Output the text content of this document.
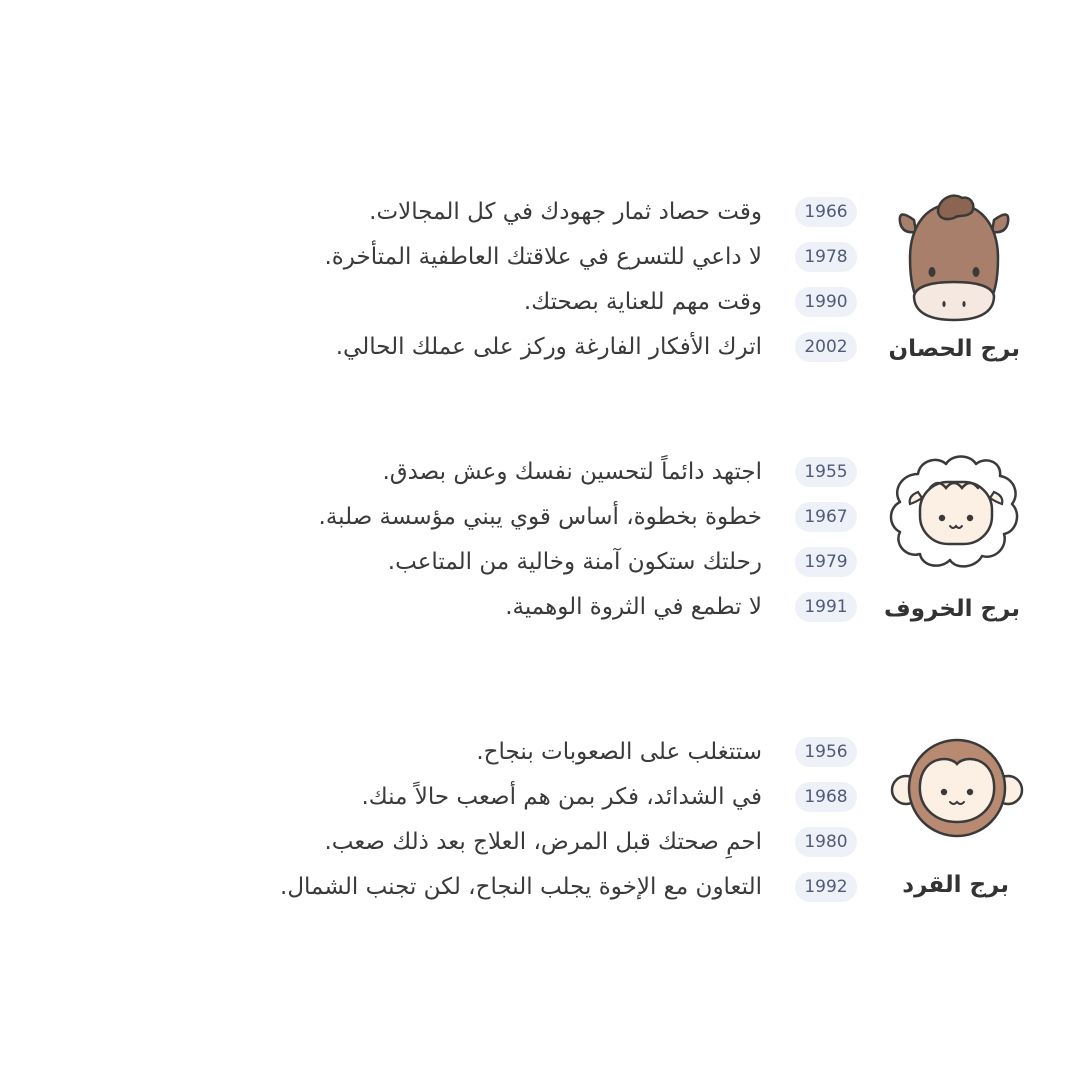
برج الحصان
1966
وقت حصاد ثمار جهودك في كل المجالات.
1978
لا داعي للتسرع في علاقتك العاطفية المتأخرة.
1990
وقت مهم للعناية بصحتك.
2002
اترك الأفكار الفارغة وركز على عملك الحالي.
برج الخروف
1955
اجتهد دائماً لتحسين نفسك وعش بصدق.
1967
خطوة بخطوة، أساس قوي يبني مؤسسة صلبة.
1979
رحلتك ستكون آمنة وخالية من المتاعب.
1991
لا تطمع في الثروة الوهمية.
برج القرد
1956
ستتغلب على الصعوبات بنجاح.
1968
في الشدائد، فكر بمن هم أصعب حالاً منك.
1980
احمِ صحتك قبل المرض، العلاج بعد ذلك صعب.
1992
التعاون مع الإخوة يجلب النجاح، لكن تجنب الشمال.
